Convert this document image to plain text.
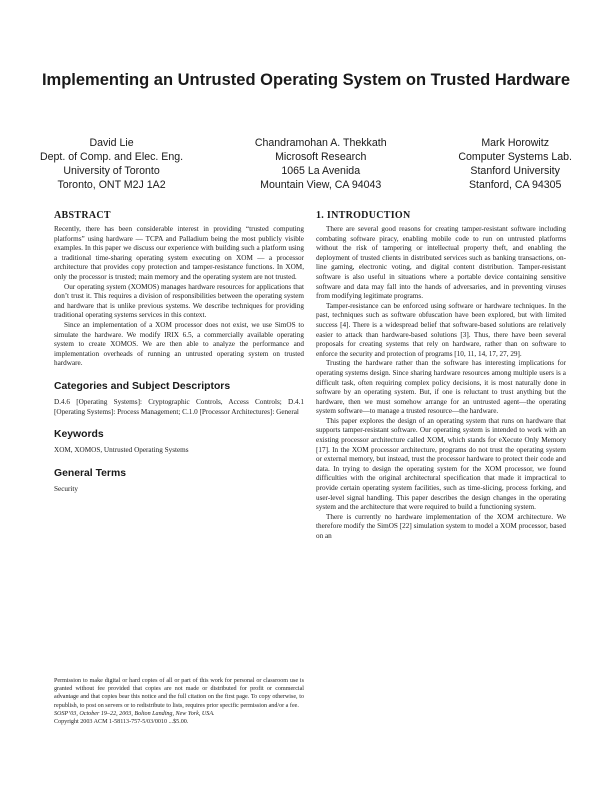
Implementing an Untrusted Operating System on Trusted Hardware
David Lie
Dept. of Comp. and Elec. Eng.
University of Toronto
Toronto, ONT M2J 1A2
Chandramohan A. Thekkath
Microsoft Research
1065 La Avenida
Mountain View, CA 94043
Mark Horowitz
Computer Systems Lab.
Stanford University
Stanford, CA 94305
ABSTRACT

Recently, there has been considerable interest in providing “trusted computing platforms” using hardware — TCPA and Palladium being the most publicly visible examples. In this paper we discuss our experience with building such a platform using a traditional time-sharing operating system executing on XOM — a processor architecture that provides copy protection and tamper-resistance functions. In XOM, only the processor is trusted; main memory and the operating system are not trusted.

Our operating system (XOMOS) manages hardware resources for applications that don’t trust it. This requires a division of responsibilities between the operating system and hardware that is unlike previous systems. We describe techniques for providing traditional operating systems services in this context.

Since an implementation of a XOM processor does not exist, we use SimOS to simulate the hardware. We modify IRIX 6.5, a commercially available operating system to create XOMOS. We are then able to analyze the performance and implementation overheads of running an untrusted operating system on trusted hardware.

Categories and Subject Descriptors

D.4.6 [Operating Systems]: Cryptographic Controls, Access Controls; D.4.1 [Operating Systems]: Process Management; C.1.0 [Processor Architectures]: General

Keywords

XOM, XOMOS, Untrusted Operating Systems

General Terms

Security

Permission to make digital or hard copies of all or part of this work for personal or classroom use is granted without fee provided that copies are not made or distributed for profit or commercial advantage and that copies bear this notice and the full citation on the first page. To copy otherwise, to republish, to post on servers or to redistribute to lists, requires prior specific permission and/or a fee.

SOSP’03, October 19–22, 2003, Bolton Landing, New York, USA.

Copyright 2003 ACM 1-58113-757-5/03/0010 ...$5.00.

1. INTRODUCTION

There are several good reasons for creating tamper-resistant software including combating software piracy, enabling mobile code to run on untrusted platforms without the risk of tampering or intellectual property theft, and enabling the deployment of trusted clients in distributed services such as banking transactions, on-line gaming, electronic voting, and digital content distribution. Tamper-resistant software is also useful in situations where a portable device containing sensitive software and data may fall into the hands of adversaries, and in preventing viruses from modifying legitimate programs.

Tamper-resistance can be enforced using software or hardware techniques. In the past, techniques such as software obfuscation have been explored, but with limited success [4]. There is a widespread belief that software-based solutions are relatively easier to attack than hardware-based solutions [3]. Thus, there have been several proposals for creating systems that rely on hardware, rather than on software to enforce the security and protection of programs [10, 11, 14, 17, 27, 29].

Trusting the hardware rather than the software has interesting implications for operating systems design. Since sharing hardware resources among multiple users is a difficult task, often requiring complex policy decisions, it is most naturally done in software by an operating system. But, if one is reluctant to trust anything but the hardware, then we must somehow arrange for an untrusted agent—the operating system software—to manage a trusted resource—the hardware.

This paper explores the design of an operating system that runs on hardware that supports tamper-resistant software. Our operating system is intended to work with an existing processor architecture called XOM, which stands for eXecute Only Memory [17]. In the XOM processor architecture, programs do not trust the operating system or external memory, but instead, trust the processor hardware to protect their code and data. In trying to design the operating system for the XOM processor, we found difficulties with the original architectural specification that made it impractical to provide certain operating system facilities, such as time-slicing, process forking, and user-level signal handling. This paper describes the design changes in the operating system and the architecture that were required to build a functioning system.

There is currently no hardware implementation of the XOM architecture. We therefore modify the SimOS [22] simulation system to model a XOM processor, based on an
